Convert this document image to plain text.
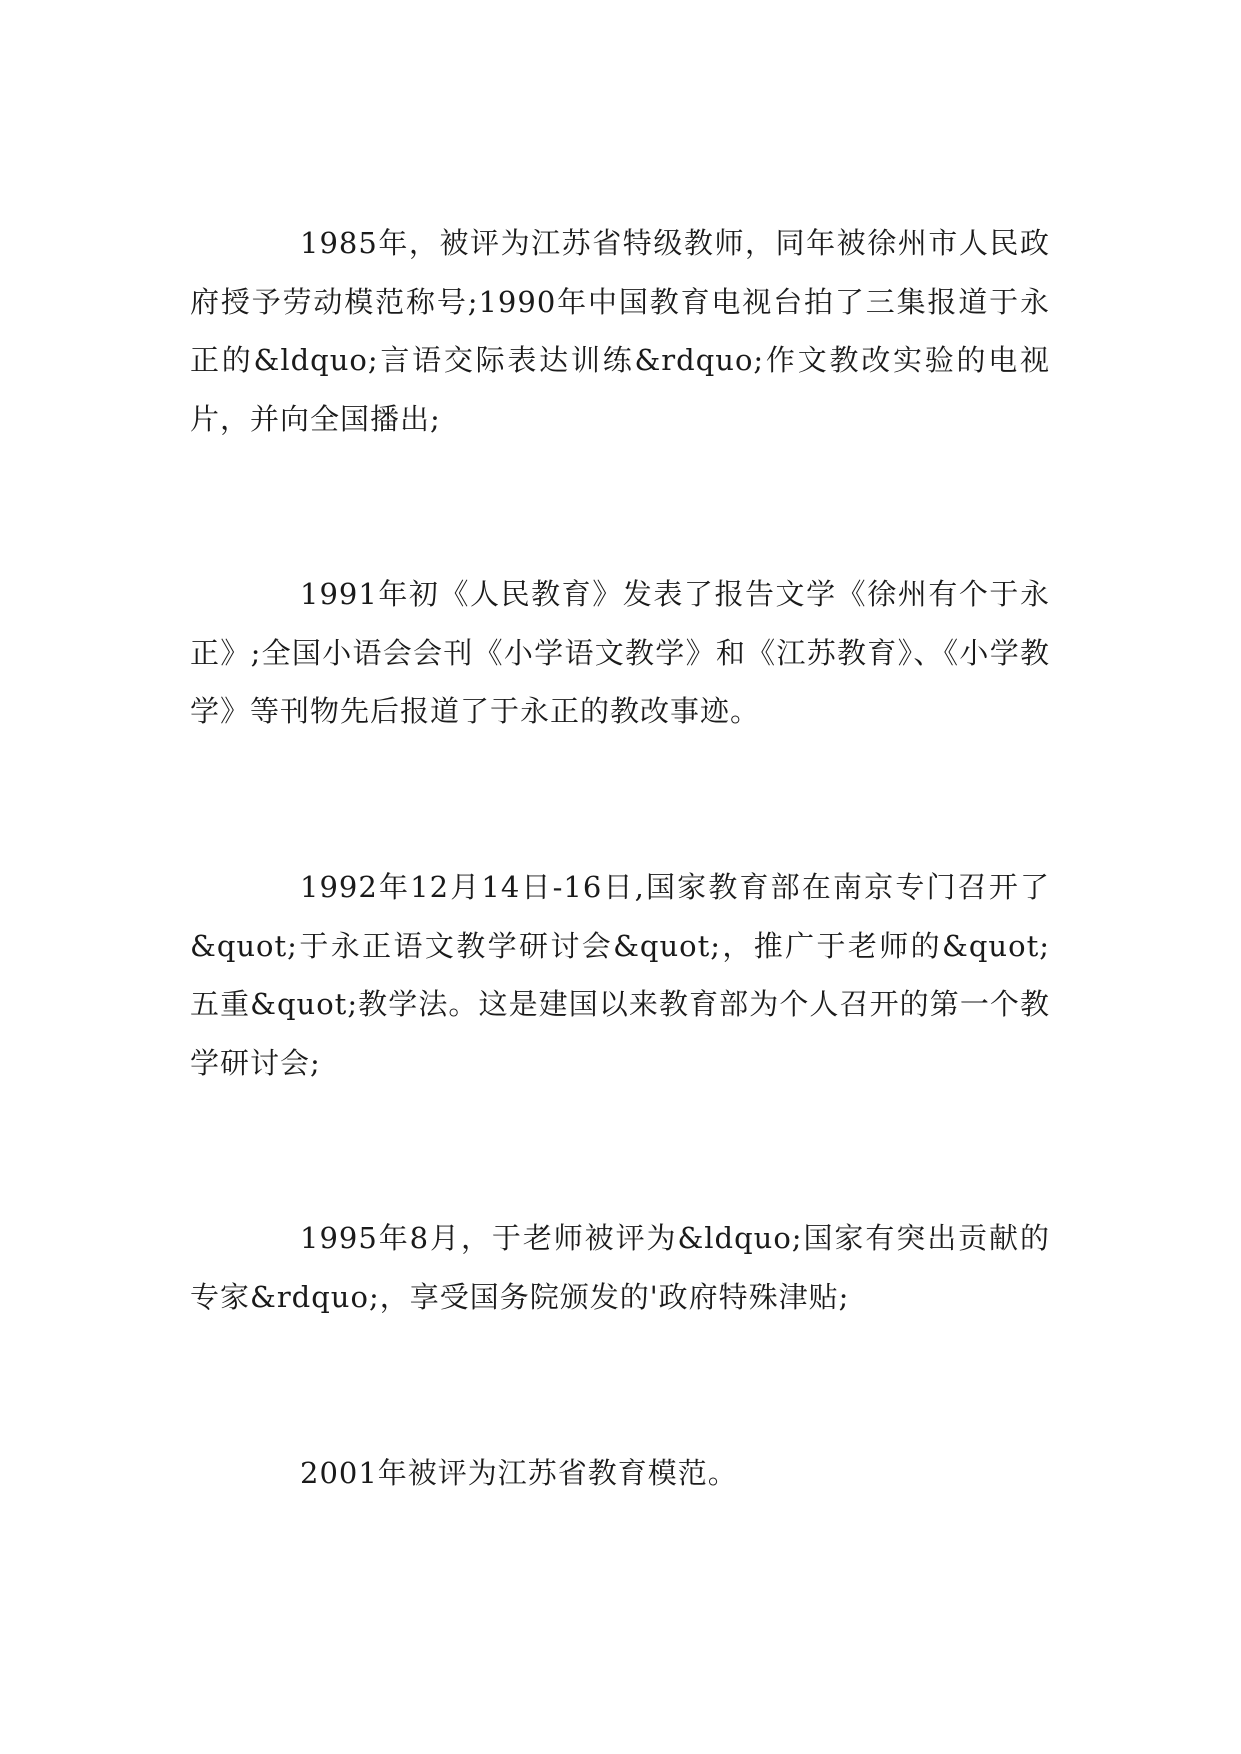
1985年，被评为江苏省特级教师，同年被徐州市人民政府授予劳动模范称号;1990年中国教育电视台拍了三集报道于永正的&ldquo;言语交际表达训练&rdquo;作文教改实验的电视片，并向全国播出;

1991年初《人民教育》发表了报告文学《徐州有个于永正》;全国小语会会刊《小学语文教学》和《江苏教育》、《小学教学》等刊物先后报道了于永正的教改事迹。

1992年12月14日-16日,国家教育部在南京专门召开了&quot;于永正语文教学研讨会&quot;，推广于老师的&quot;五重&quot;教学法。这是建国以来教育部为个人召开的第一个教学研讨会;

1995年8月，于老师被评为&ldquo;国家有突出贡献的专家&rdquo;，享受国务院颁发的'政府特殊津贴;

2001年被评为江苏省教育模范。
